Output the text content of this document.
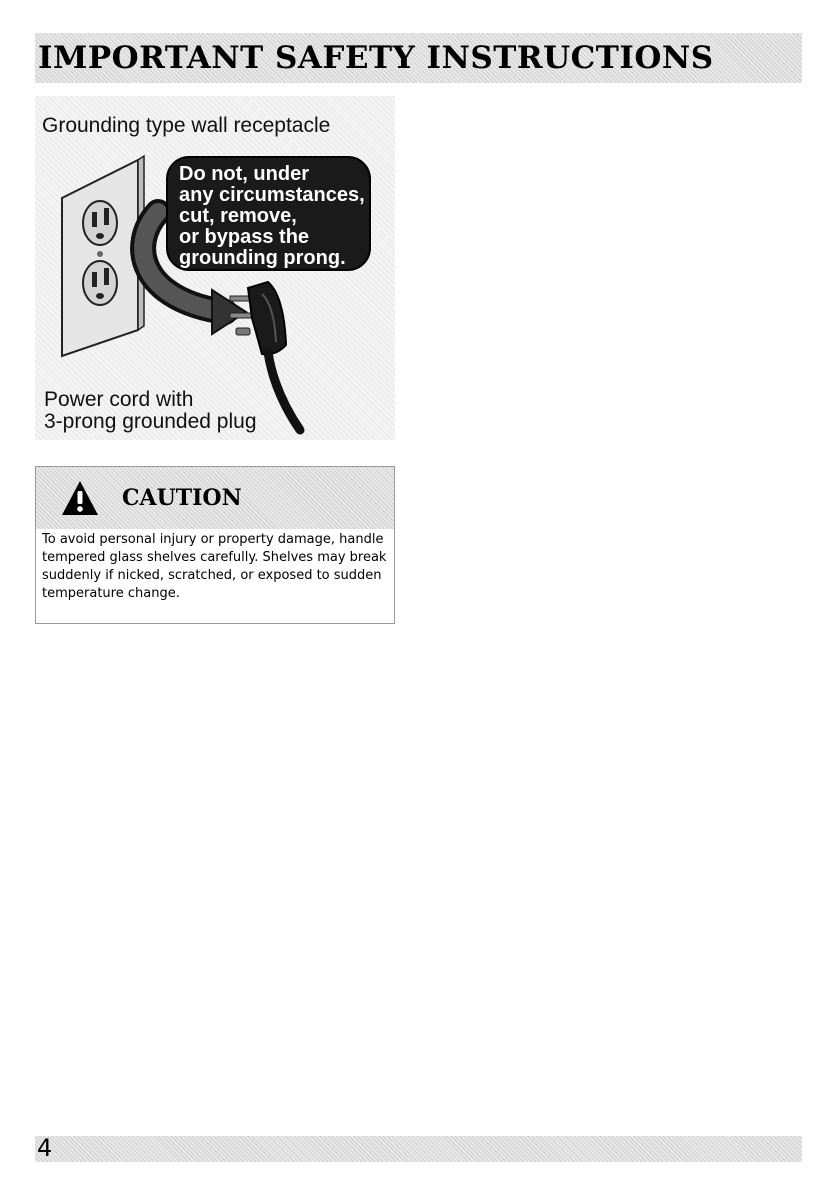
IMPORTANT SAFETY INSTRUCTIONS

Grounding type wall receptacle

Do not, under
any circumstances,
cut, remove,
or bypass the
grounding prong.

Power cord with

3-prong grounded plug

CAUTION

To avoid personal injury or property damage, handle tempered glass shelves carefully. Shelves may break suddenly if nicked, scratched, or exposed to sudden temperature change.

4
